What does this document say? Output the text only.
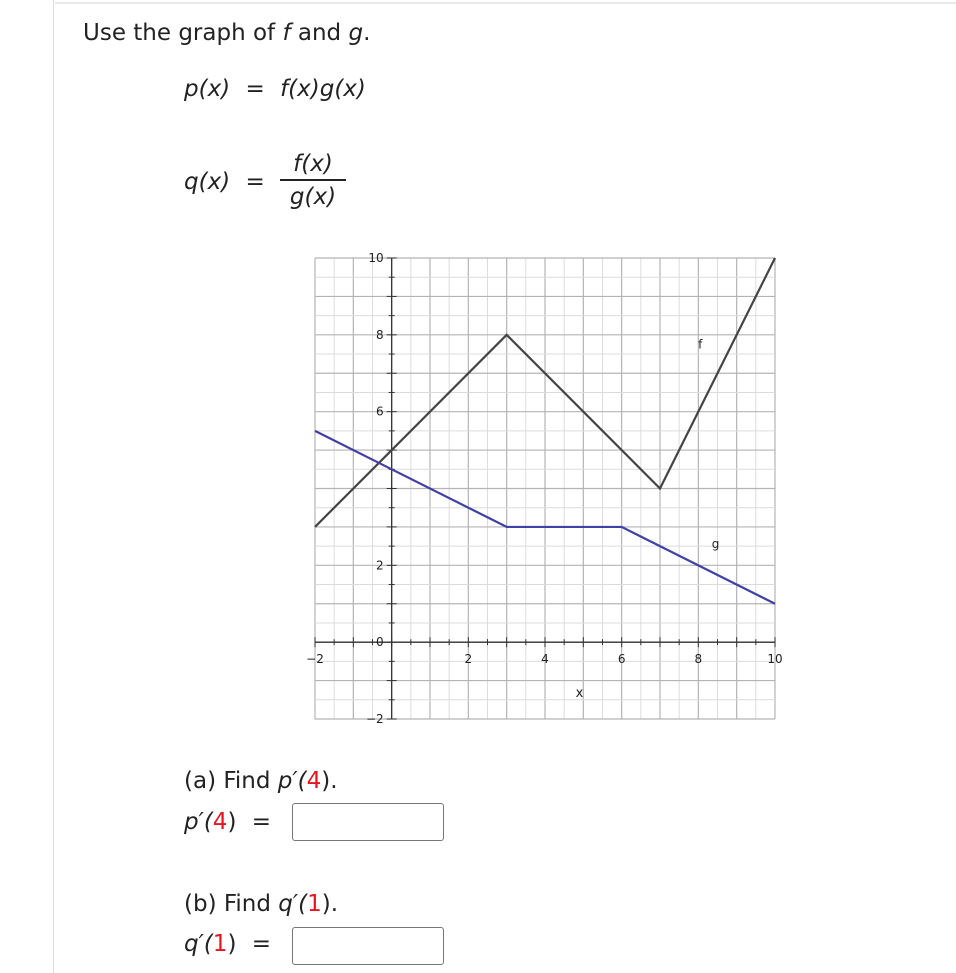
Use the graph of f and g.
p(x) = f(x)g(x)
$q(x) = \frac{f(x)}{g(x)}$
−2	2	4	6	8	10
10
8
6
2
0
−2
x
f
g
(a) Find p′(4).
p′(4) =
(b) Find q′(1).
q′(1) =
